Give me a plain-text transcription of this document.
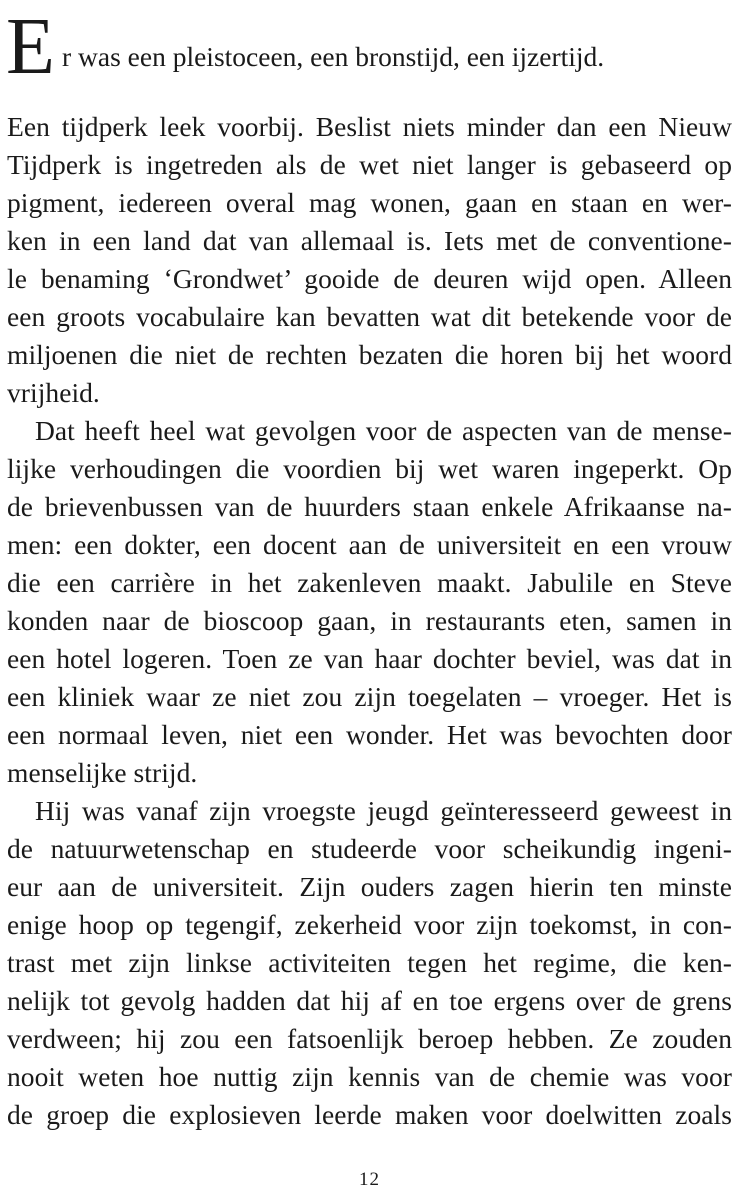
E r was een pleistoceen, een bronstijd, een ijzertijd.
Een tijdperk leek voorbij. Beslist niets minder dan een Nieuw
Tijdperk is ingetreden als de wet niet langer is gebaseerd op
pigment, iedereen overal mag wonen, gaan en staan en wer-
ken in een land dat van allemaal is. Iets met de conventione-
le benaming ‘Grondwet’ gooide de deuren wijd open. Alleen
een groots vocabulaire kan bevatten wat dit betekende voor de
miljoenen die niet de rechten bezaten die horen bij het woord
vrijheid.
Dat heeft heel wat gevolgen voor de aspecten van de mense-
lijke verhoudingen die voordien bij wet waren ingeperkt. Op
de brievenbussen van de huurders staan enkele Afrikaanse na-
men: een dokter, een docent aan de universiteit en een vrouw
die een carrière in het zakenleven maakt. Jabulile en Steve
konden naar de bioscoop gaan, in restaurants eten, samen in
een hotel logeren. Toen ze van haar dochter beviel, was dat in
een kliniek waar ze niet zou zijn toegelaten – vroeger. Het is
een normaal leven, niet een wonder. Het was bevochten door
menselijke strijd.
Hij was vanaf zijn vroegste jeugd geïnteresseerd geweest in
de natuurwetenschap en studeerde voor scheikundig ingeni-
eur aan de universiteit. Zijn ouders zagen hierin ten minste
enige hoop op tegengif, zekerheid voor zijn toekomst, in con-
trast met zijn linkse activiteiten tegen het regime, die ken-
nelijk tot gevolg hadden dat hij af en toe ergens over de grens
verdween; hij zou een fatsoenlijk beroep hebben. Ze zouden
nooit weten hoe nuttig zijn kennis van de chemie was voor
de groep die explosieven leerde maken voor doelwitten zoals
12
